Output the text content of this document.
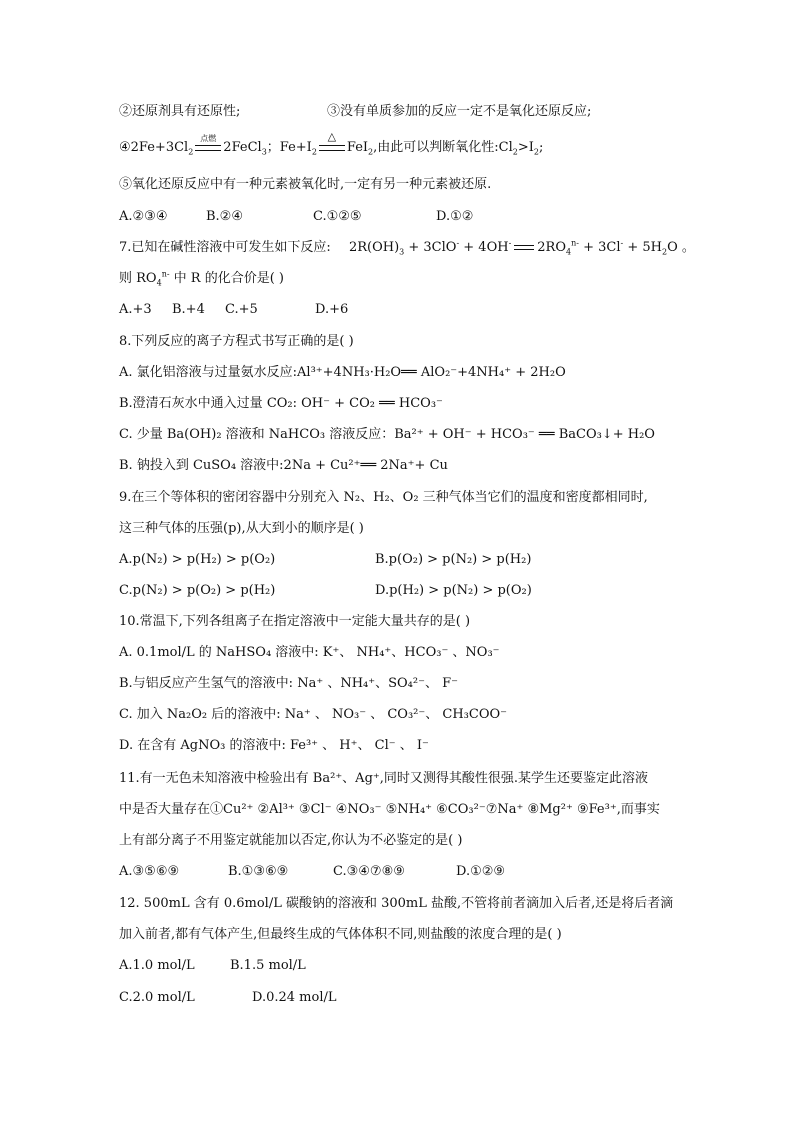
②还原剂具有还原性;	③没有单质参加的反应一定不是氧化还原反应;
$④2Fe+3Cl_2$
点燃
2FeCl$_3$；$Fe+I_2$
△
FeI$_2$,由此可以判断氧化性$:Cl_2>I_2$;
⑤氧化还原反应中有一种元素被氧化时,一定有另一种元素被还原.
A.②③④	B.②④	C.①②⑤	D.①②
7.已知在碱性溶液中可发生如下反应: $2R(OH)_3 + 3ClO^- + 4OH^-$ $2RO_4^{n-} + 3Cl^- + 5H_2O$ 。
则 $RO_4^{n-}$ 中 R 的化合价是( )
A.+3 B.+4 C.+5	D.+6
8.下列反应的离子方程式书写正确的是( )
A. 氯化铝溶液与过量氨水反应:Al³⁺+4NH₃·H₂O══ AlO₂⁻+4NH₄⁺ + 2H₂O
B.澄清石灰水中通入过量 CO₂: OH⁻ + CO₂ ══ HCO₃⁻
C. 少量 Ba(OH)₂ 溶液和 NaHCO₃ 溶液反应：Ba²⁺ + OH⁻ + HCO₃⁻ ══ BaCO₃↓+ H₂O
B. 钠投入到 CuSO₄ 溶液中:2Na + Cu²⁺══ 2Na⁺+ Cu
9.在三个等体积的密闭容器中分别充入 N₂、H₂、O₂ 三种气体当它们的温度和密度都相同时,
这三种气体的压强(p),从大到小的顺序是( )
A.p(N₂) > p(H₂) > p(O₂)	B.p(O₂) > p(N₂) > p(H₂)
C.p(N₂) > p(O₂) > p(H₂)	D.p(H₂) > p(N₂) > p(O₂)
10.常温下,下列各组离子在指定溶液中一定能大量共存的是( )
A. 0.1mol/L 的 NaHSO₄ 溶液中: K⁺、 NH₄⁺、HCO₃⁻ 、NO₃⁻
B.与铝反应产生氢气的溶液中: Na⁺ 、NH₄⁺、SO₄²⁻、 F⁻
C. 加入 Na₂O₂ 后的溶液中: Na⁺ 、 NO₃⁻ 、 CO₃²⁻、 CH₃COO⁻
D. 在含有 AgNO₃ 的溶液中: Fe³⁺ 、 H⁺、 Cl⁻ 、 I⁻
11.有一无色未知溶液中检验出有 Ba²⁺、Ag⁺,同时又测得其酸性很强.某学生还要鉴定此溶液
中是否大量存在①Cu²⁺ ②Al³⁺ ③Cl⁻ ④NO₃⁻ ⑤NH₄⁺ ⑥CO₃²⁻⑦Na⁺ ⑧Mg²⁺ ⑨Fe³⁺,而事实
上有部分离子不用鉴定就能加以否定,你认为不必鉴定的是( )
A.③⑤⑥⑨	B.①③⑥⑨	C.③④⑦⑧⑨	D.①②⑨
12. 500mL 含有 0.6mol/L 碳酸钠的溶液和 300mL 盐酸,不管将前者滴加入后者,还是将后者滴
加入前者,都有气体产生,但最终生成的气体体积不同,则盐酸的浓度合理的是( )
A.1.0 mol/L	B.1.5 mol/L
C.2.0 mol/L	D.0.24 mol/L
